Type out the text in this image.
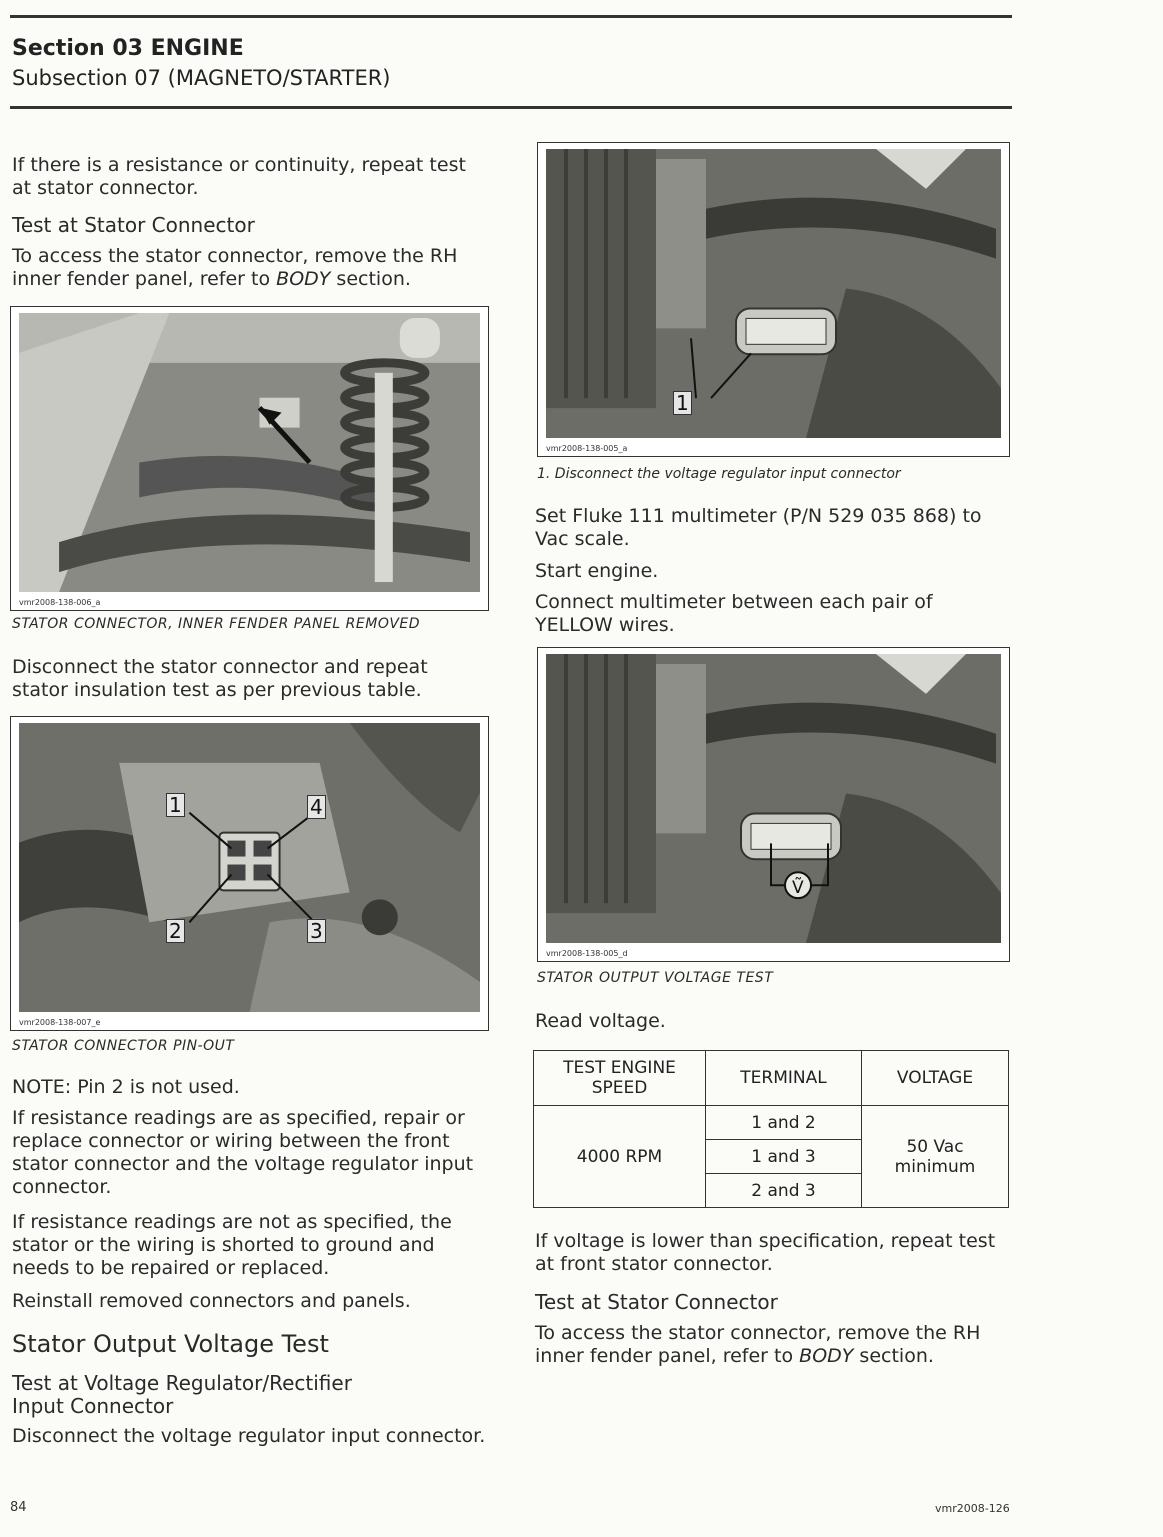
Section 03 ENGINE
Subsection 07 (MAGNETO/STARTER)
If there is a resistance or continuity, repeat test at stator connector.
Test at Stator Connector
To access the stator connector, remove the RH inner fender panel, refer to BODY section.
vmr2008-138-006_a
STATOR CONNECTOR, INNER FENDER PANEL REMOVED
Disconnect the stator connector and repeat stator insulation test as per previous table.
1	4
2	3
vmr2008-138-007_e
STATOR CONNECTOR PIN-OUT
NOTE: Pin 2 is not used.
If resistance readings are as specified, repair or replace connector or wiring between the front stator connector and the voltage regulator input connector.
If resistance readings are not as specified, the stator or the wiring is shorted to ground and needs to be repaired or replaced.
Reinstall removed connectors and panels.
Stator Output Voltage Test
Test at Voltage Regulator/Rectifier
Input Connector
Disconnect the voltage regulator input connector.
1
vmr2008-138-005_a
1. Disconnect the voltage regulator input connector
Set Fluke 111 multimeter (P/N 529 035 868) to Vac scale.
Start engine.
Connect multimeter between each pair of YELLOW wires.
Ṽ
vmr2008-138-005_d
STATOR OUTPUT VOLTAGE TEST
Read voltage.
TEST ENGINE SPEED	TERMINAL	VOLTAGE
4000 RPM	1 and 2	50 Vac minimum
	1 and 3	
	2 and 3	
If voltage is lower than specification, repeat test at front stator connector.
Test at Stator Connector
To access the stator connector, remove the RH inner fender panel, refer to BODY section.
84	vmr2008-126
